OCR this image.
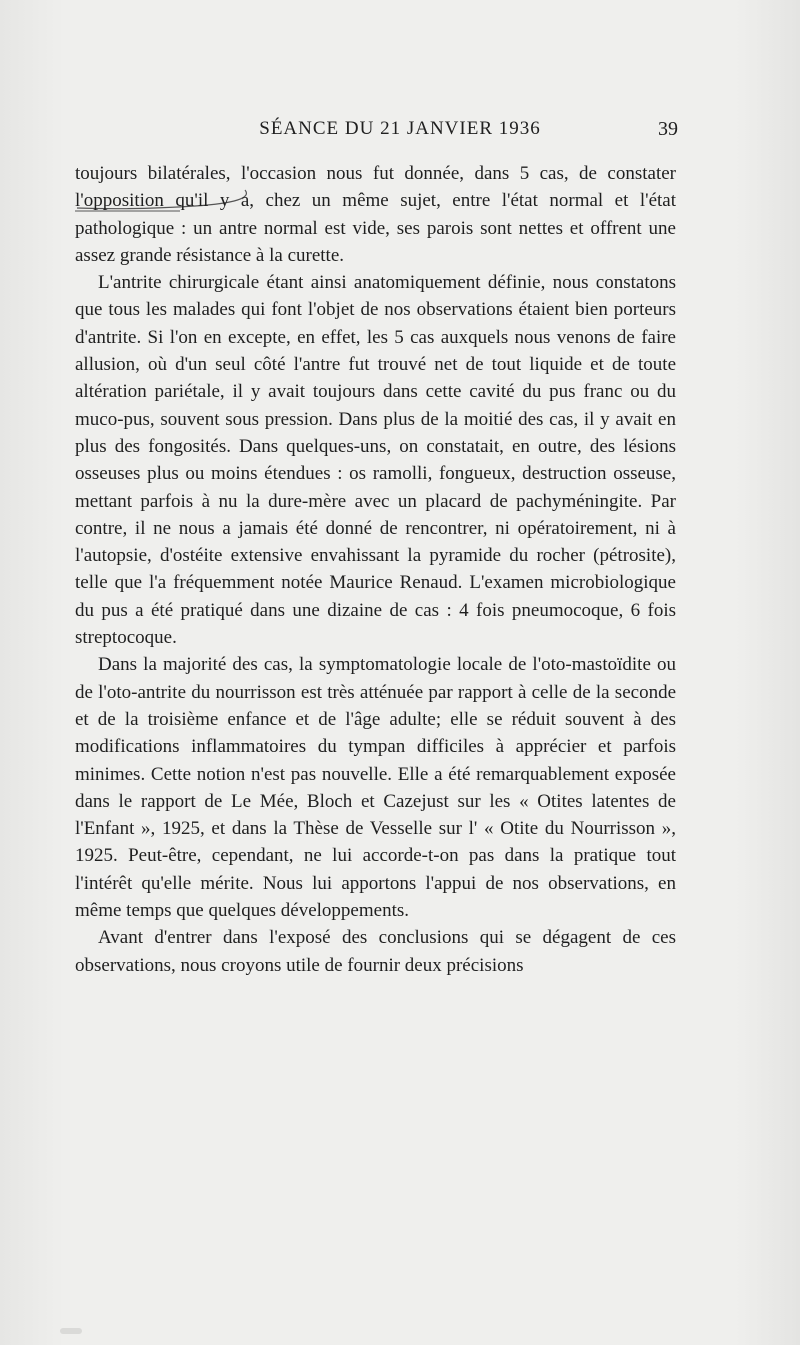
SÉANCE DU 21 JANVIER 1936	39

toujours bilatérales, l'occasion nous fut donnée, dans 5 cas, de constater l'opposition qu'il y a, chez un même sujet, entre l'état normal et l'état pathologique : un antre normal est vide, ses parois sont nettes et offrent une assez grande résistance à la curette.

L'antrite chirurgicale étant ainsi anatomiquement définie, nous constatons que tous les malades qui font l'objet de nos observations étaient bien porteurs d'antrite. Si l'on en excepte, en effet, les 5 cas auxquels nous venons de faire allusion, où d'un seul côté l'antre fut trouvé net de tout liquide et de toute altération pariétale, il y avait toujours dans cette cavité du pus franc ou du muco-pus, souvent sous pression. Dans plus de la moitié des cas, il y avait en plus des fongosités. Dans quelques-uns, on constatait, en outre, des lésions osseuses plus ou moins étendues : os ramolli, fongueux, destruction osseuse, mettant parfois à nu la dure-mère avec un placard de pachyméningite. Par contre, il ne nous a jamais été donné de rencontrer, ni opératoirement, ni à l'autopsie, d'ostéite extensive envahissant la pyramide du rocher (pétrosite), telle que l'a fréquemment notée Maurice Renaud. L'examen microbiologique du pus a été pratiqué dans une dizaine de cas : 4 fois pneumocoque, 6 fois streptocoque.

Dans la majorité des cas, la symptomatologie locale de l'oto-mastoïdite ou de l'oto-antrite du nourrisson est très atténuée par rapport à celle de la seconde et de la troisième enfance et de l'âge adulte; elle se réduit souvent à des modifications inflammatoires du tympan difficiles à apprécier et parfois minimes. Cette notion n'est pas nouvelle. Elle a été remarquablement exposée dans le rapport de Le Mée, Bloch et Cazejust sur les « Otites latentes de l'Enfant », 1925, et dans la Thèse de Vesselle sur l' « Otite du Nourrisson », 1925. Peut-être, cependant, ne lui accorde-t-on pas dans la pratique tout l'intérêt qu'elle mérite. Nous lui apportons l'appui de nos observations, en même temps que quelques développements.

Avant d'entrer dans l'exposé des conclusions qui se dégagent de ces observations, nous croyons utile de fournir deux précisions
